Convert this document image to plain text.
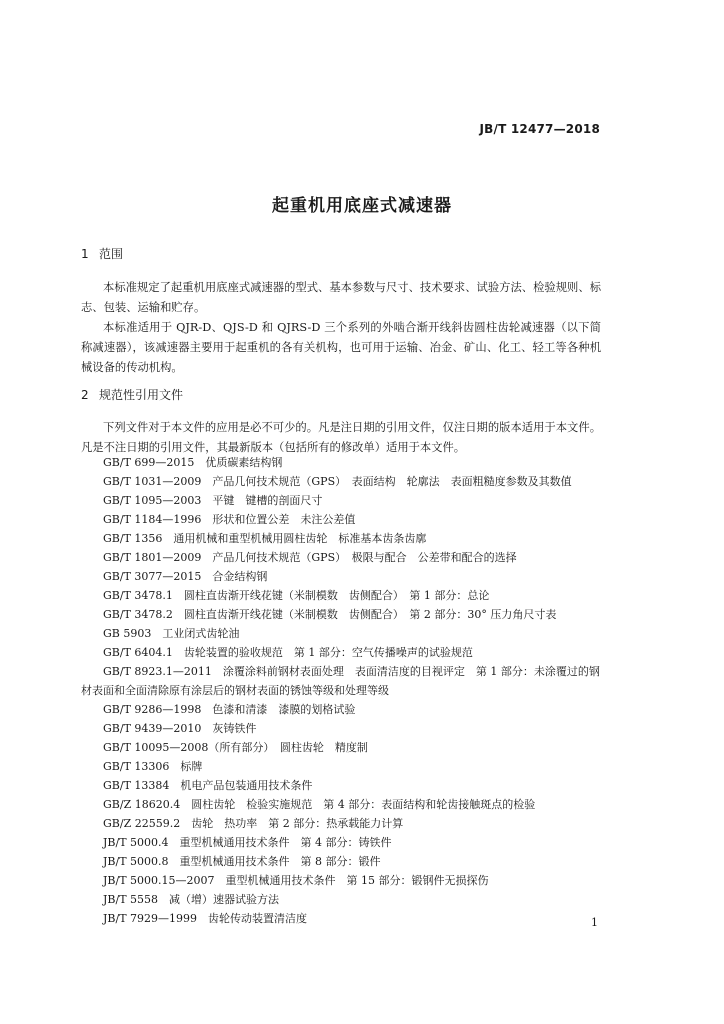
JB/T 12477—2018
起重机用底座式减速器
1 范围
本标准规定了起重机用底座式减速器的型式、基本参数与尺寸、技术要求、试验方法、检验规则、标志、包装、运输和贮存。
本标准适用于 QJR-D、QJS-D 和 QJRS-D 三个系列的外啮合渐开线斜齿圆柱齿轮减速器（以下简称减速器），该减速器主要用于起重机的各有关机构，也可用于运输、冶金、矿山、化工、轻工等各种机械设备的传动机构。
2 规范性引用文件
下列文件对于本文件的应用是必不可少的。凡是注日期的引用文件，仅注日期的版本适用于本文件。凡是不注日期的引用文件，其最新版本（包括所有的修改单）适用于本文件。
GB/T 699—2015　优质碳素结构钢
GB/T 1031—2009　产品几何技术规范（GPS）　表面结构　轮廓法　表面粗糙度参数及其数值
GB/T 1095—2003　平键　键槽的剖面尺寸
GB/T 1184—1996　形状和位置公差　未注公差值
GB/T 1356　通用机械和重型机械用圆柱齿轮　标准基本齿条齿廓
GB/T 1801—2009　产品几何技术规范（GPS）　极限与配合　公差带和配合的选择
GB/T 3077—2015　合金结构钢
GB/T 3478.1　圆柱直齿渐开线花键（米制模数　齿侧配合）　第 1 部分：总论
GB/T 3478.2　圆柱直齿渐开线花键（米制模数　齿侧配合）　第 2 部分：30° 压力角尺寸表
GB 5903　工业闭式齿轮油
GB/T 6404.1　齿轮装置的验收规范　第 1 部分：空气传播噪声的试验规范
GB/T 8923.1—2011　涂覆涂料前钢材表面处理　表面清洁度的目视评定　第 1 部分：未涂覆过的钢材表面和全面清除原有涂层后的钢材表面的锈蚀等级和处理等级
GB/T 9286—1998　色漆和清漆　漆膜的划格试验
GB/T 9439—2010　灰铸铁件
GB/T 10095—2008（所有部分）　圆柱齿轮　精度制
GB/T 13306　标牌
GB/T 13384　机电产品包装通用技术条件
GB/Z 18620.4　圆柱齿轮　检验实施规范　第 4 部分：表面结构和轮齿接触斑点的检验
GB/Z 22559.2　齿轮　热功率　第 2 部分：热承载能力计算
JB/T 5000.4　重型机械通用技术条件　第 4 部分：铸铁件
JB/T 5000.8　重型机械通用技术条件　第 8 部分：锻件
JB/T 5000.15—2007　重型机械通用技术条件　第 15 部分：锻钢件无损探伤
JB/T 5558　减（增）速器试验方法
JB/T 7929—1999　齿轮传动装置清洁度	1
